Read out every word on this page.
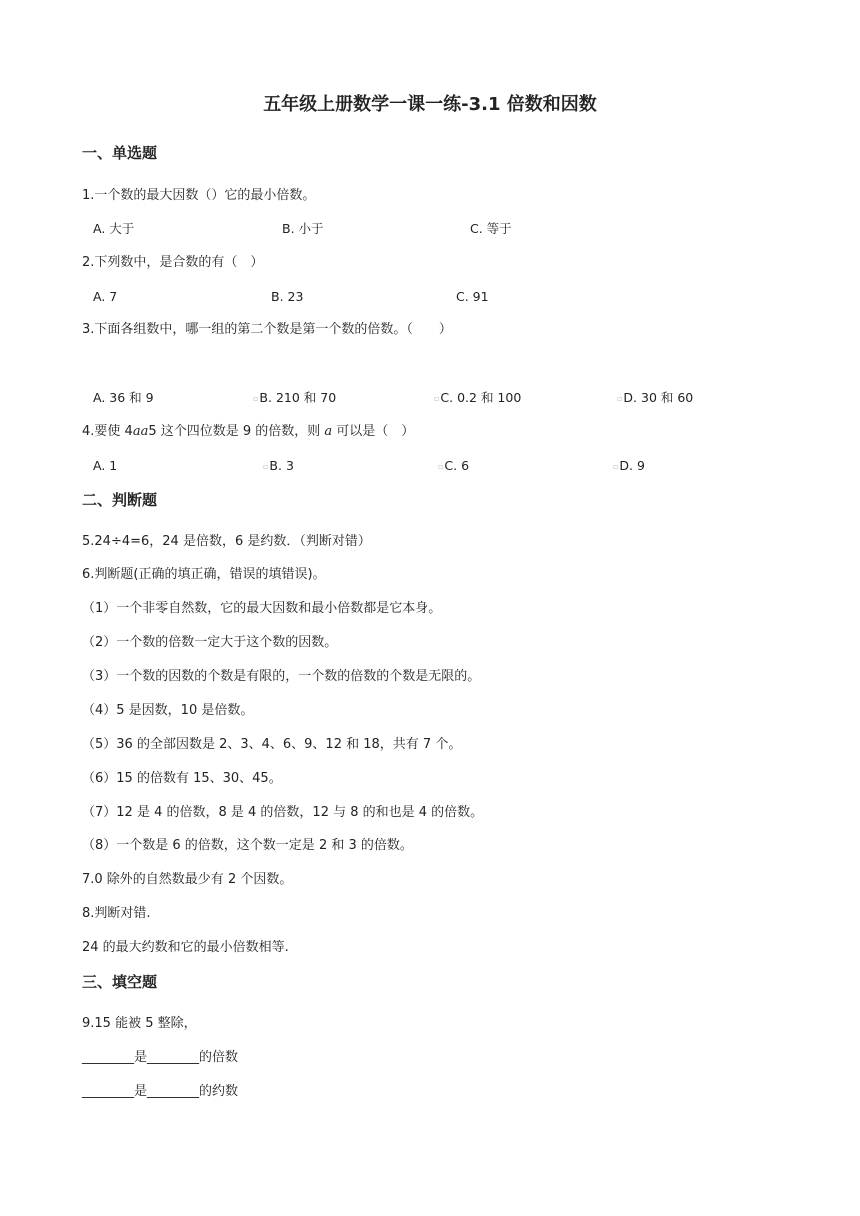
五年级上册数学一课一练-3.1 倍数和因数
一、单选题
1.一个数的最大因数（）它的最小倍数。
A. 大于	B. 小于	C. 等于
2.下列数中，是合数的有（　）
A. 7	B. 23	C. 91
3.下面各组数中，哪一组的第二个数是第一个数的倍数。（　　）
A. 36 和 9	▫B. 210 和 70	▫C. 0.2 和 100	▫D. 30 和 60
4.要使 4aa5 这个四位数是 9 的倍数，则 a 可以是（　）
A. 1	▫B. 3	▫C. 6	▫D. 9
二、判断题
5.24÷4=6，24 是倍数，6 是约数．（判断对错）
6.判断题(正确的填正确，错误的填错误)。
（1）一个非零自然数，它的最大因数和最小倍数都是它本身。
（2）一个数的倍数一定大于这个数的因数。
（3）一个数的因数的个数是有限的，一个数的倍数的个数是无限的。
（4）5 是因数，10 是倍数。
（5）36 的全部因数是 2、3、4、6、9、12 和 18，共有 7 个。
（6）15 的倍数有 15、30、45。
（7）12 是 4 的倍数，8 是 4 的倍数，12 与 8 的和也是 4 的倍数。
（8）一个数是 6 的倍数，这个数一定是 2 和 3 的倍数。
7.0 除外的自然数最少有 2 个因数。
8.判断对错.
24 的最大约数和它的最小倍数相等.
三、填空题
9.15 能被 5 整除，
________是________的倍数
________是________的约数
